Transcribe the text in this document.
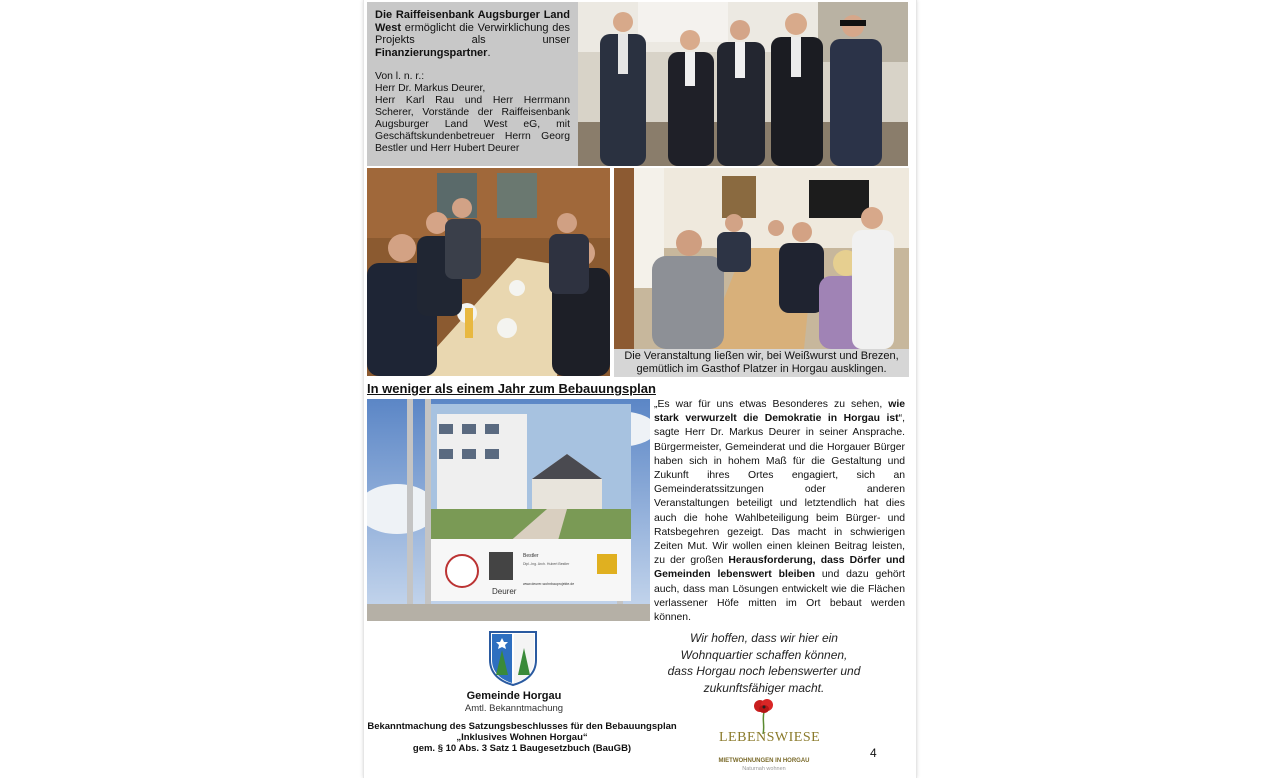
Die Raiffeisenbank Augsburger Land West ermöglicht die Verwirklichung des Projekts als unser Finanzierungspartner.

Von l. n. r.:
Herr Dr. Markus Deurer,
Herr Karl Rau und Herr Herrmann Scherer, Vorstände der Raiffeisenbank Augsburger Land West eG, mit Geschäftskundenbetreuer Herrn Georg Bestler und Herr Hubert Deurer

Die Veranstaltung ließen wir, bei Weißwurst und Brezen, gemütlich im Gasthof Platzer in Horgau ausklingen.
In weniger als einem Jahr zum Bebauungsplan
Deurer
Bestler
Dipl.-Ing. Arch. Hubert Bestler
www.deurer-wohnbauprojekte.de
„Es war für uns etwas Besonderes zu sehen, wie stark verwurzelt die Demokratie in Horgau ist“, sagte Herr Dr. Markus Deurer in seiner Ansprache. Bürgermeister, Gemeinderat und die Horgauer Bürger haben sich in hohem Maß für die Gestaltung und Zukunft ihres Ortes engagiert, sich an Gemeinderatssitzungen oder anderen Veranstaltungen beteiligt und letztendlich hat dies auch die hohe Wahlbeteiligung beim Bürger- und Ratsbegehren gezeigt. Das macht in schwierigen Zeiten Mut. Wir wollen einen kleinen Beitrag leisten, zu der großen Herausforderung, dass Dörfer und Gemeinden lebenswert bleiben und dazu gehört auch, dass man Lösungen entwickelt wie die Flächen verlassener Höfe mitten im Ort bebaut werden können.
Gemeinde Horgau
Amtl. Bekanntmachung
Bekanntmachung des Satzungsbeschlusses für den Bebauungsplan
„Inklusives Wohnen Horgau“
gem. § 10 Abs. 3 Satz 1 Baugesetzbuch (BauGB)
Wir hoffen, dass wir hier ein
Wohnquartier schaffen können,
dass Horgau noch lebenswerter und
zukunftsfähiger macht.
LEBENSWIESE
MIETWOHNUNGEN IN HORGAU
Naturnah wohnen
4
